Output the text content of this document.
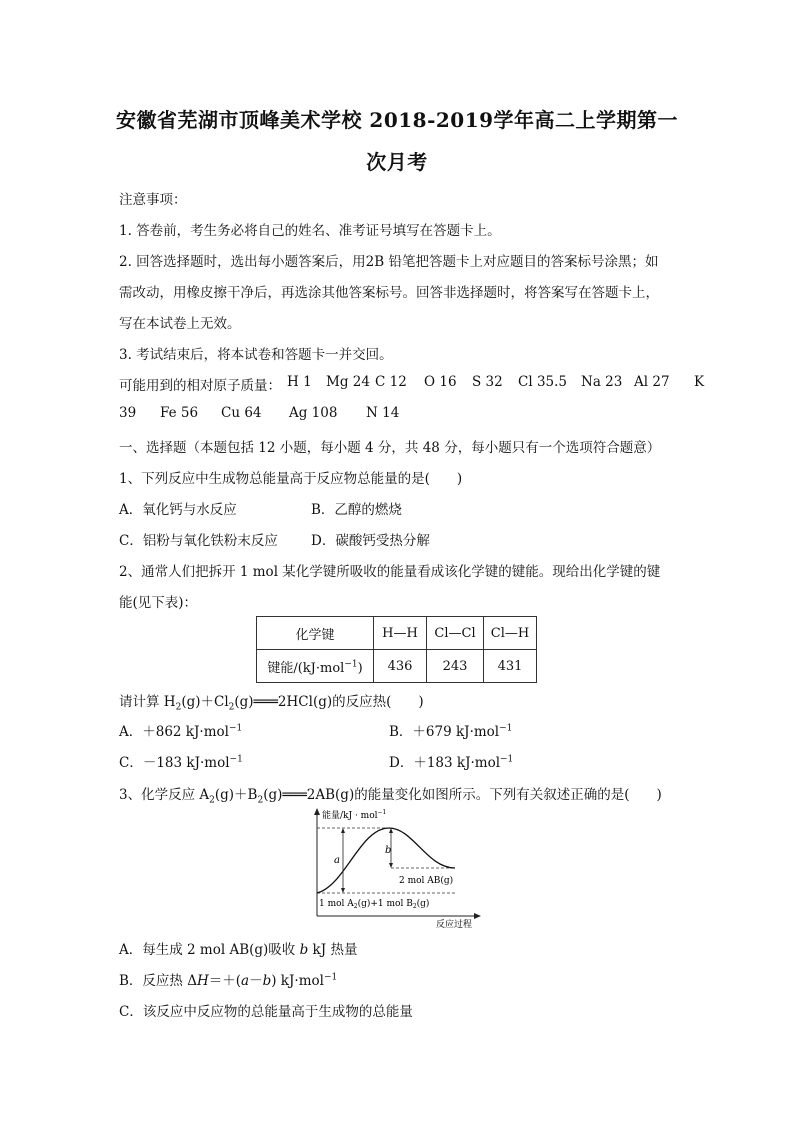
安徽省芜湖市顶峰美术学校 2018-2019学年高二上学期第一
次月考
注意事项：
1. 答卷前，考生务必将自己的姓名、准考证号填写在答题卡上。
2. 回答选择题时，选出每小题答案后，用2B 铅笔把答题卡上对应题目的答案标号涂黑；如
需改动，用橡皮擦干净后，再选涂其他答案标号。回答非选择题时，将答案写在答题卡上，
写在本试卷上无效。
3. 考试结束后，将本试卷和答题卡一并交回。
可能用到的相对原子质量： H 1 Mg 24 C 12 O 16 S 32 Cl 35.5 Na 23 Al 27 K
39 Fe 56 Cu 64 Ag 108 N 14
一、选择题（本题包括 12 小题，每小题 4 分，共 48 分，每小题只有一个选项符合题意）
1、下列反应中生成物总能量高于反应物总能量的是(　　)
A．氧化钙与水反应	B．乙醇的燃烧
C．铝粉与氧化铁粉末反应 D．碳酸钙受热分解
2、通常人们把拆开 1 mol 某化学键所吸收的能量看成该化学键的键能。现给出化学键的键
能(见下表)：
化学键	H—H	Cl—Cl	Cl—H
键能/(kJ·mol$^{-1}$)	436	243	431
请计算 $H_2(g)+Cl_2(g)═══2HCl(g)$的反应热(　　)
A．＋862 kJ·mol$^{-1}$	B．＋679 kJ·mol$^{-1}$
C．－183 kJ·mol$^{-1}$	D．＋183 kJ·mol$^{-1}$
3、化学反应 $A_2(g)+B_2(g)═══2AB(g)$的能量变化如图所示。下列有关叙述正确的是(　　)
a
b
能量/kJ · mol$^{-1}$
2 mol AB(g)
1 mol $A_2(g)+1$ mol $B_2(g)$
反应过程
A．每生成 2 mol AB(g)吸收 b kJ 热量
B．反应热 ΔH＝＋(a－b) kJ·mol$^{-1}$
C．该反应中反应物的总能量高于生成物的总能量
